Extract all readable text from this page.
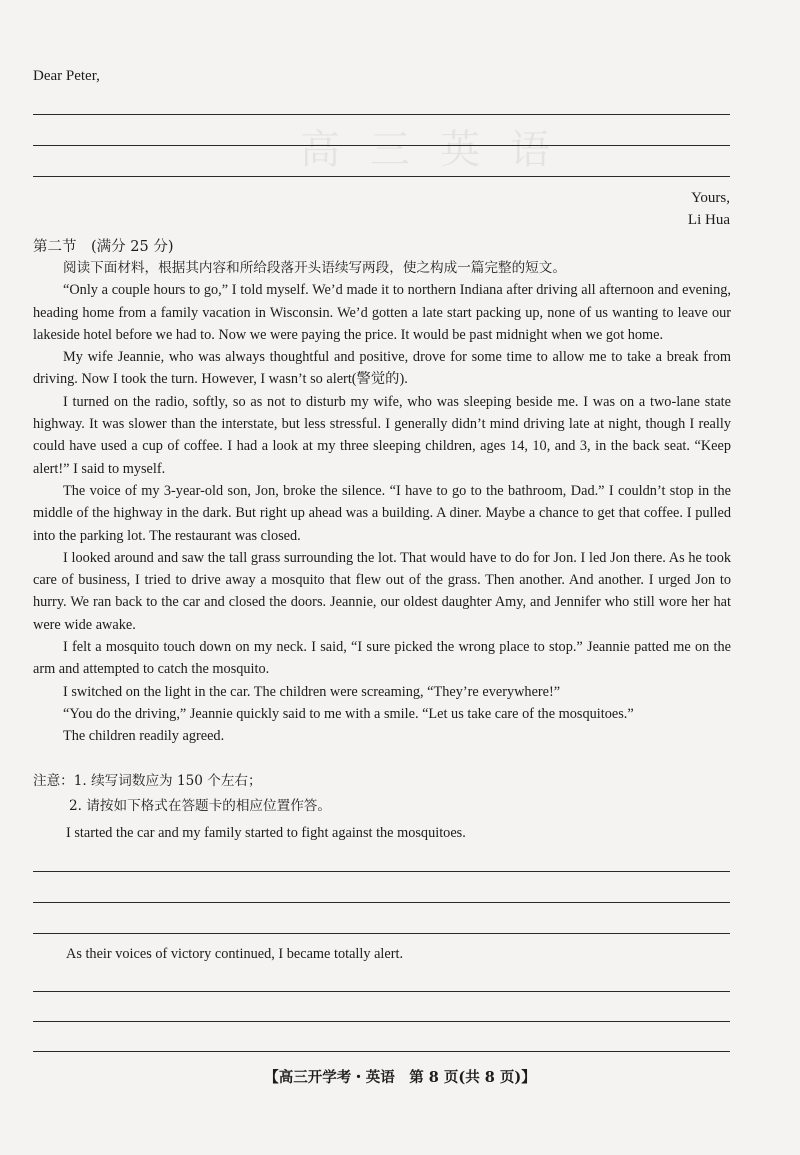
高三英语
Dear Peter,
Yours,
Li Hua
第二节　(满分 25 分)

阅读下面材料，根据其内容和所给段落开头语续写两段，使之构成一篇完整的短文。

“Only a couple hours to go,” I told myself. We’d made it to northern Indiana after driving all afternoon and evening, heading home from a family vacation in Wisconsin. We’d gotten a late start packing up, none of us wanting to leave our lakeside hotel before we had to. Now we were paying the price. It would be past midnight when we got home.

My wife Jeannie, who was always thoughtful and positive, drove for some time to allow me to take a break from driving. Now I took the turn. However, I wasn’t so alert(警觉的).

I turned on the radio, softly, so as not to disturb my wife, who was sleeping beside me. I was on a two-lane state highway. It was slower than the interstate, but less stressful. I generally didn’t mind driving late at night, though I really could have used a cup of coffee. I had a look at my three sleeping children, ages 14, 10, and 3, in the back seat. “Keep alert!” I said to myself.

The voice of my 3-year-old son, Jon, broke the silence. “I have to go to the bathroom, Dad.” I couldn’t stop in the middle of the highway in the dark. But right up ahead was a building. A diner. Maybe a chance to get that coffee. I pulled into the parking lot. The restaurant was closed.

I looked around and saw the tall grass surrounding the lot. That would have to do for Jon. I led Jon there. As he took care of business, I tried to drive away a mosquito that flew out of the grass. Then another. And another. I urged Jon to hurry. We ran back to the car and closed the doors. Jeannie, our oldest daughter Amy, and Jennifer who still wore her hat were wide awake.

I felt a mosquito touch down on my neck. I said, “I sure picked the wrong place to stop.” Jeannie patted me on the arm and attempted to catch the mosquito.

I switched on the light in the car. The children were screaming, “They’re everywhere!”

“You do the driving,” Jeannie quickly said to me with a smile. “Let us take care of the mosquitoes.”

The children readily agreed.

注意：1. 续写词数应为 150 个左右；
2. 请按如下格式在答题卡的相应位置作答。
I started the car and my family started to fight against the mosquitoes.
As their voices of victory continued, I became totally alert.
【高三开学考・英语　第 8 页(共 8 页)】
